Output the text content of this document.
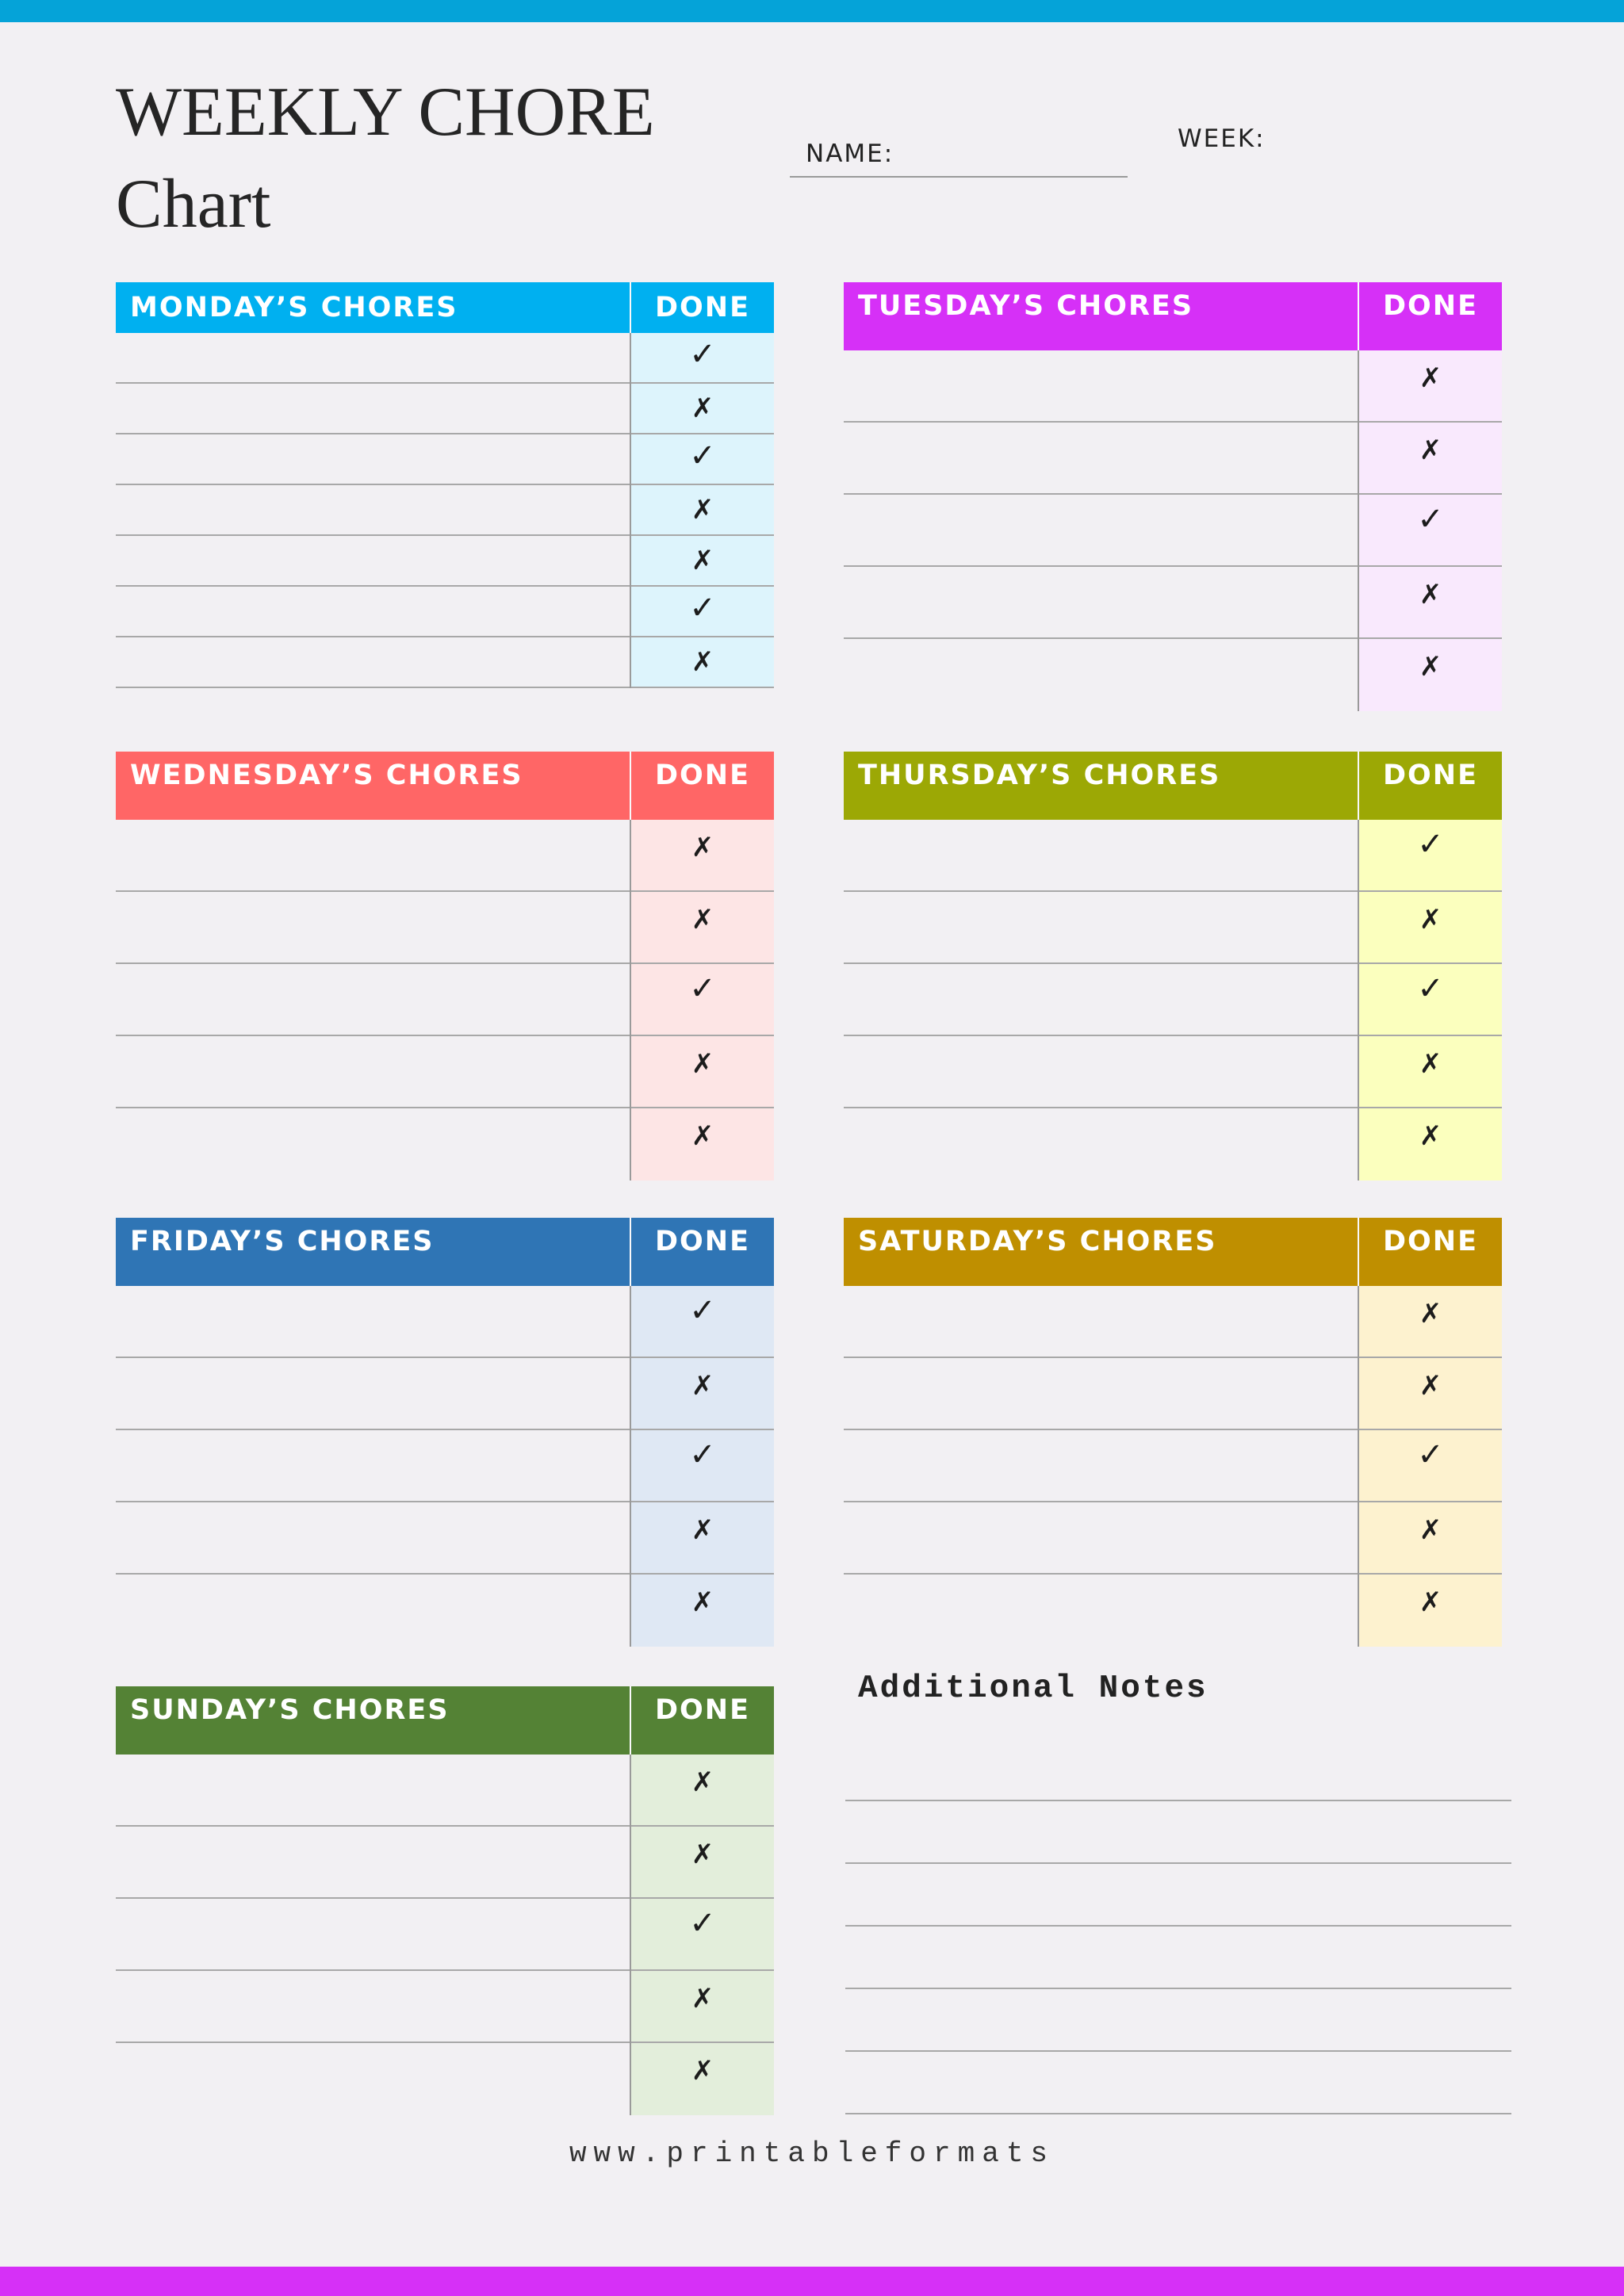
WEEKLY CHORE
Chart
NAME:
WEEK:
MONDAY’S CHORES	DONE
✓
✗
✓
✗
✗
✓
✗
TUESDAY’S CHORES	DONE
✗
✗
✓
✗
✗
WEDNESDAY’S CHORES	DONE
✗
✗
✓
✗
✗
THURSDAY’S CHORES	DONE
✓
✗
✓
✗
✗
FRIDAY’S CHORES	DONE
✓
✗
✓
✗
✗
SATURDAY’S CHORES	DONE
✗
✗
✓
✗
✗
SUNDAY’S CHORES	DONE
✗
✗
✓
✗
✗
Additional Notes
www.printableformats
